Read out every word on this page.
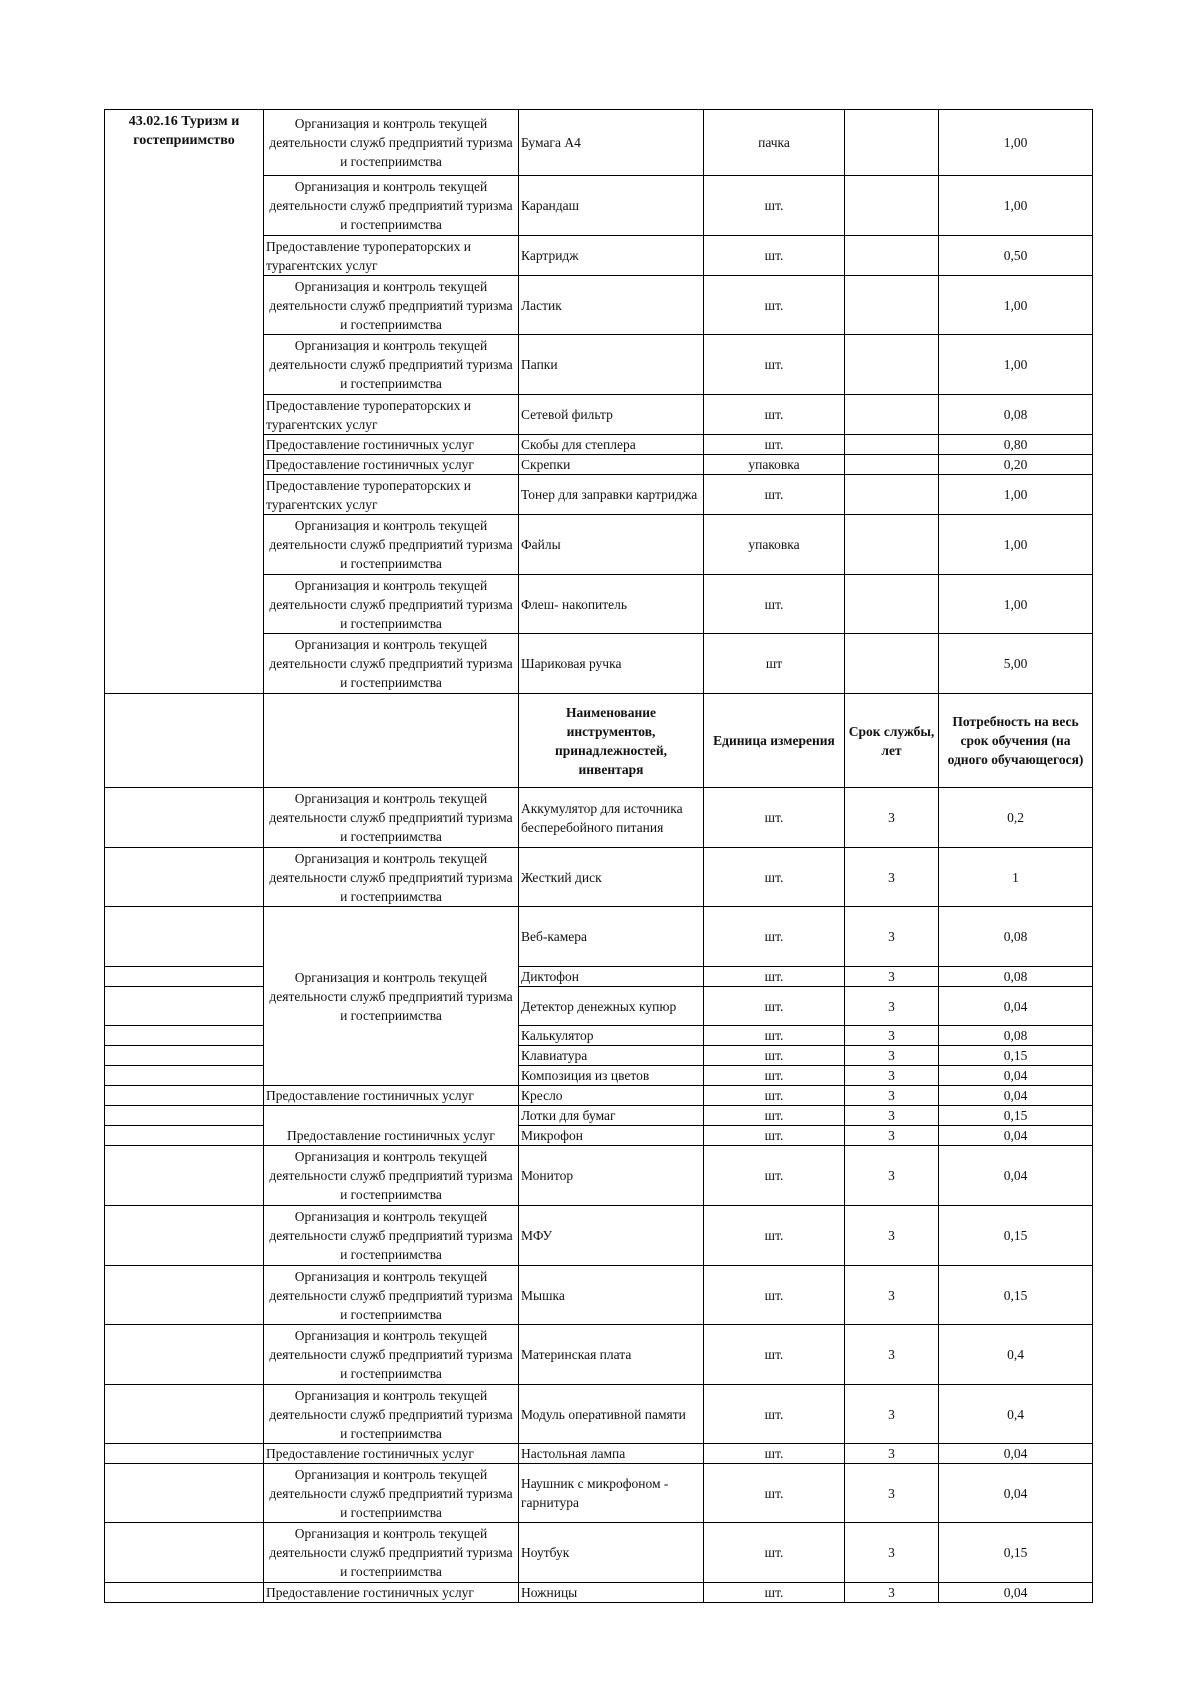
43.02.16 Туризм и гостеприимство	Организация и контроль текущей деятельности служб предприятий туризма и гостеприимства	Бумага А4	пачка		1,00
	Организация и контроль текущей деятельности служб предприятий туризма и гостеприимства	Карандаш	шт.		1,00
	Предоставление туроператорских и турагентских услуг	Картридж	шт.		0,50
	Организация и контроль текущей деятельности служб предприятий туризма и гостеприимства	Ластик	шт.		1,00
	Организация и контроль текущей деятельности служб предприятий туризма и гостеприимства	Папки	шт.		1,00
	Предоставление туроператорских и турагентских услуг	Сетевой фильтр	шт.		0,08
	Предоставление гостиничных услуг	Скобы для степлера	шт.		0,80
	Предоставление гостиничных услуг	Скрепки	упаковка		0,20
	Предоставление туроператорских и турагентских услуг	Тонер для заправки картриджа	шт.		1,00
	Организация и контроль текущей деятельности служб предприятий туризма и гостеприимства	Файлы	упаковка		1,00
	Организация и контроль текущей деятельности служб предприятий туризма и гостеприимства	Флеш- накопитель	шт.		1,00
	Организация и контроль текущей деятельности служб предприятий туризма и гостеприимства	Шариковая ручка	шт		5,00
		Наименование инструментов, принадлежностей, инвентаря	Единица измерения	Срок службы, лет	Потребность на весь срок обучения (на одного обучающегося)
	Организация и контроль текущей деятельности служб предприятий туризма и гостеприимства	Аккумулятор для источника бесперебойного питания	шт.	3	0,2
	Организация и контроль текущей деятельности служб предприятий туризма и гостеприимства	Жесткий диск	шт.	3	1
	Организация и контроль текущей деятельности служб предприятий туризма и гостеприимства	Веб-камера	шт.	3	0,08
		Диктофон	шт.	3	0,08
		Детектор денежных купюр	шт.	3	0,04
		Калькулятор	шт.	3	0,08
		Клавиатура	шт.	3	0,15
		Композиция из цветов	шт.	3	0,04
	Предоставление гостиничных услуг	Кресло	шт.	3	0,04
	Предоставление гостиничных услуг	Лотки для бумаг	шт.	3	0,15
		Микрофон	шт.	3	0,04
	Организация и контроль текущей деятельности служб предприятий туризма и гостеприимства	Монитор	шт.	3	0,04
	Организация и контроль текущей деятельности служб предприятий туризма и гостеприимства	МФУ	шт.	3	0,15
	Организация и контроль текущей деятельности служб предприятий туризма и гостеприимства	Мышка	шт.	3	0,15
	Организация и контроль текущей деятельности служб предприятий туризма и гостеприимства	Материнская плата	шт.	3	0,4
	Организация и контроль текущей деятельности служб предприятий туризма и гостеприимства	Модуль оперативной памяти	шт.	3	0,4
	Предоставление гостиничных услуг	Настольная лампа	шт.	3	0,04
	Организация и контроль текущей деятельности служб предприятий туризма и гостеприимства	Наушник с микрофоном - гарнитура	шт.	3	0,04
	Организация и контроль текущей деятельности служб предприятий туризма и гостеприимства	Ноутбук	шт.	3	0,15
	Предоставление гостиничных услуг	Ножницы	шт.	3	0,04
